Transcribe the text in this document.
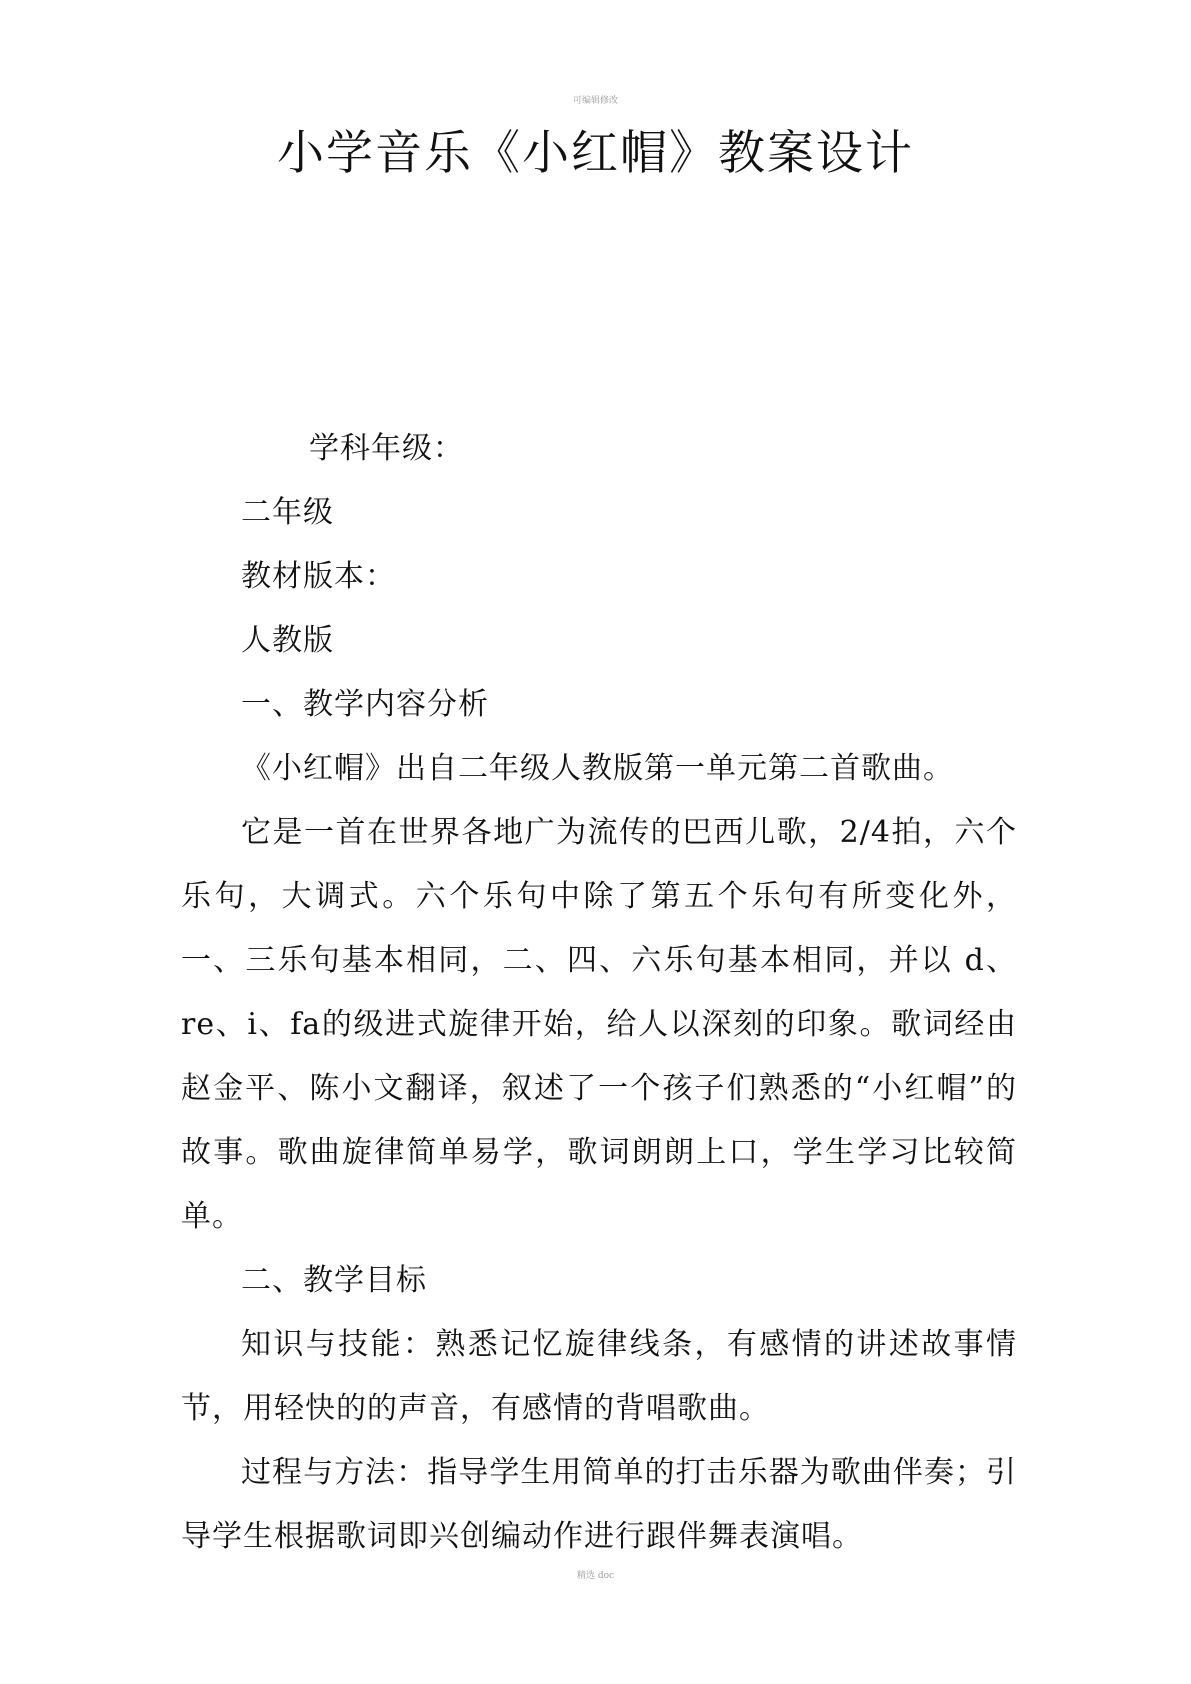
可编辑修改
小学音乐《小红帽》教案设计

学科年级：

二年级

教材版本：

人教版

一、教学内容分析

《小红帽》出自二年级人教版第一单元第二首歌曲。

它是一首在世界各地广为流传的巴西儿歌，2/4拍，六个乐句，大调式。六个乐句中除了第五个乐句有所变化外，一、三乐句基本相同，二、四、六乐句基本相同，并以 d、re、i、fa的级进式旋律开始，给人以深刻的印象。歌词经由赵金平、陈小文翻译，叙述了一个孩子们熟悉的“小红帽”的故事。歌曲旋律简单易学，歌词朗朗上口，学生学习比较简单。

二、教学目标

知识与技能：熟悉记忆旋律线条，有感情的讲述故事情节，用轻快的的声音，有感情的背唱歌曲。

过程与方法：指导学生用简单的打击乐器为歌曲伴奏；引导学生根据歌词即兴创编动作进行跟伴舞表演唱。

精选 doc
